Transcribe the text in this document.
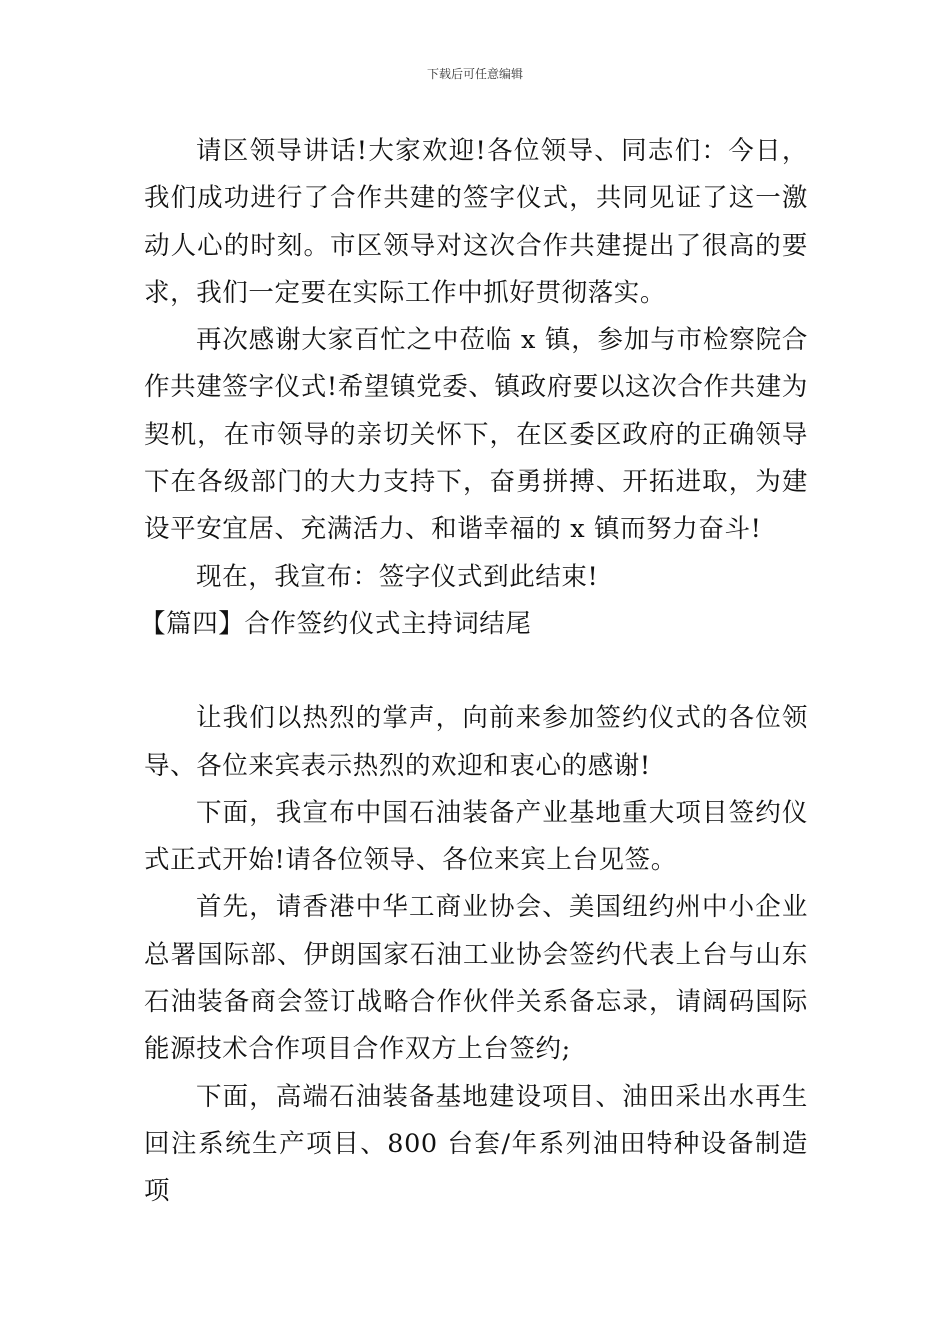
下载后可任意编辑

请区领导讲话!大家欢迎!各位领导、同志们：今日，我们成功进行了合作共建的签字仪式，共同见证了这一激动人心的时刻。市区领导对这次合作共建提出了很高的要求，我们一定要在实际工作中抓好贯彻落实。

再次感谢大家百忙之中莅临 x 镇，参加与市检察院合作共建签字仪式!希望镇党委、镇政府要以这次合作共建为契机，在市领导的亲切关怀下，在区委区政府的正确领导下在各级部门的大力支持下，奋勇拼搏、开拓进取，为建设平安宜居、充满活力、和谐幸福的 x 镇而努力奋斗!

现在，我宣布：签字仪式到此结束!

【篇四】合作签约仪式主持词结尾

让我们以热烈的掌声，向前来参加签约仪式的各位领导、各位来宾表示热烈的欢迎和衷心的感谢!

下面，我宣布中国石油装备产业基地重大项目签约仪式正式开始!请各位领导、各位来宾上台见签。

首先，请香港中华工商业协会、美国纽约州中小企业总署国际部、伊朗国家石油工业协会签约代表上台与山东石油装备商会签订战略合作伙伴关系备忘录，请阔码国际能源技术合作项目合作双方上台签约;

下面，高端石油装备基地建设项目、油田采出水再生回注系统生产项目、800 台套/年系列油田特种设备制造项
